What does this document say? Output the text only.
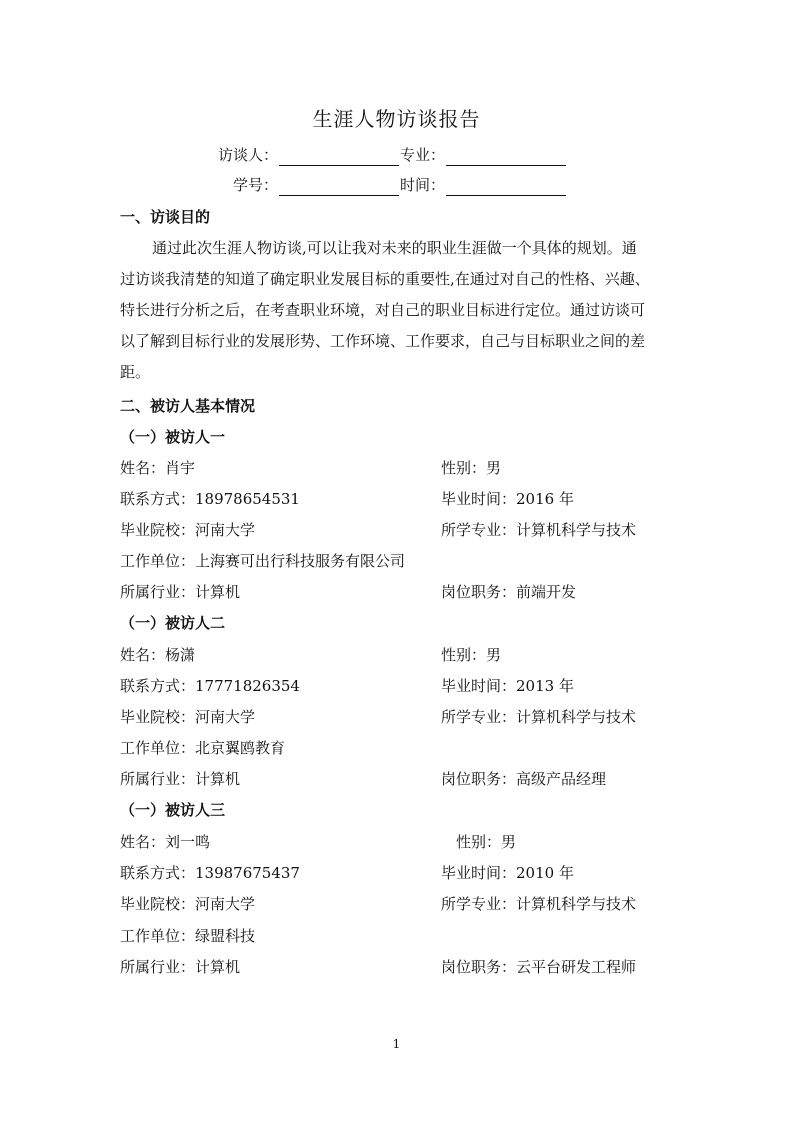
生涯人物访谈报告
访谈人：	专业：
学号：	时间：
一、访谈目的
通过此次生涯人物访谈,可以让我对未来的职业生涯做一个具体的规划。通
过访谈我清楚的知道了确定职业发展目标的重要性,在通过对自己的性格、兴趣、
特长进行分析之后，在考查职业环境，对自己的职业目标进行定位。通过访谈可
以了解到目标行业的发展形势、工作环境、工作要求，自己与目标职业之间的差
距。
二、被访人基本情况
（一）被访人一
姓名：肖宇	性别：男
联系方式：18978654531	毕业时间：2016 年
毕业院校：河南大学	所学专业：计算机科学与技术
工作单位：上海赛可出行科技服务有限公司
所属行业：计算机	岗位职务：前端开发
（一）被访人二
姓名：杨潇	性别：男
联系方式：17771826354	毕业时间：2013 年
毕业院校：河南大学	所学专业：计算机科学与技术
工作单位：北京翼鸥教育
所属行业：计算机	岗位职务：高级产品经理
（一）被访人三
姓名：刘一鸣	性别：男
联系方式：13987675437	毕业时间：2010 年
毕业院校：河南大学	所学专业：计算机科学与技术
工作单位：绿盟科技
所属行业：计算机	岗位职务：云平台研发工程师
1
